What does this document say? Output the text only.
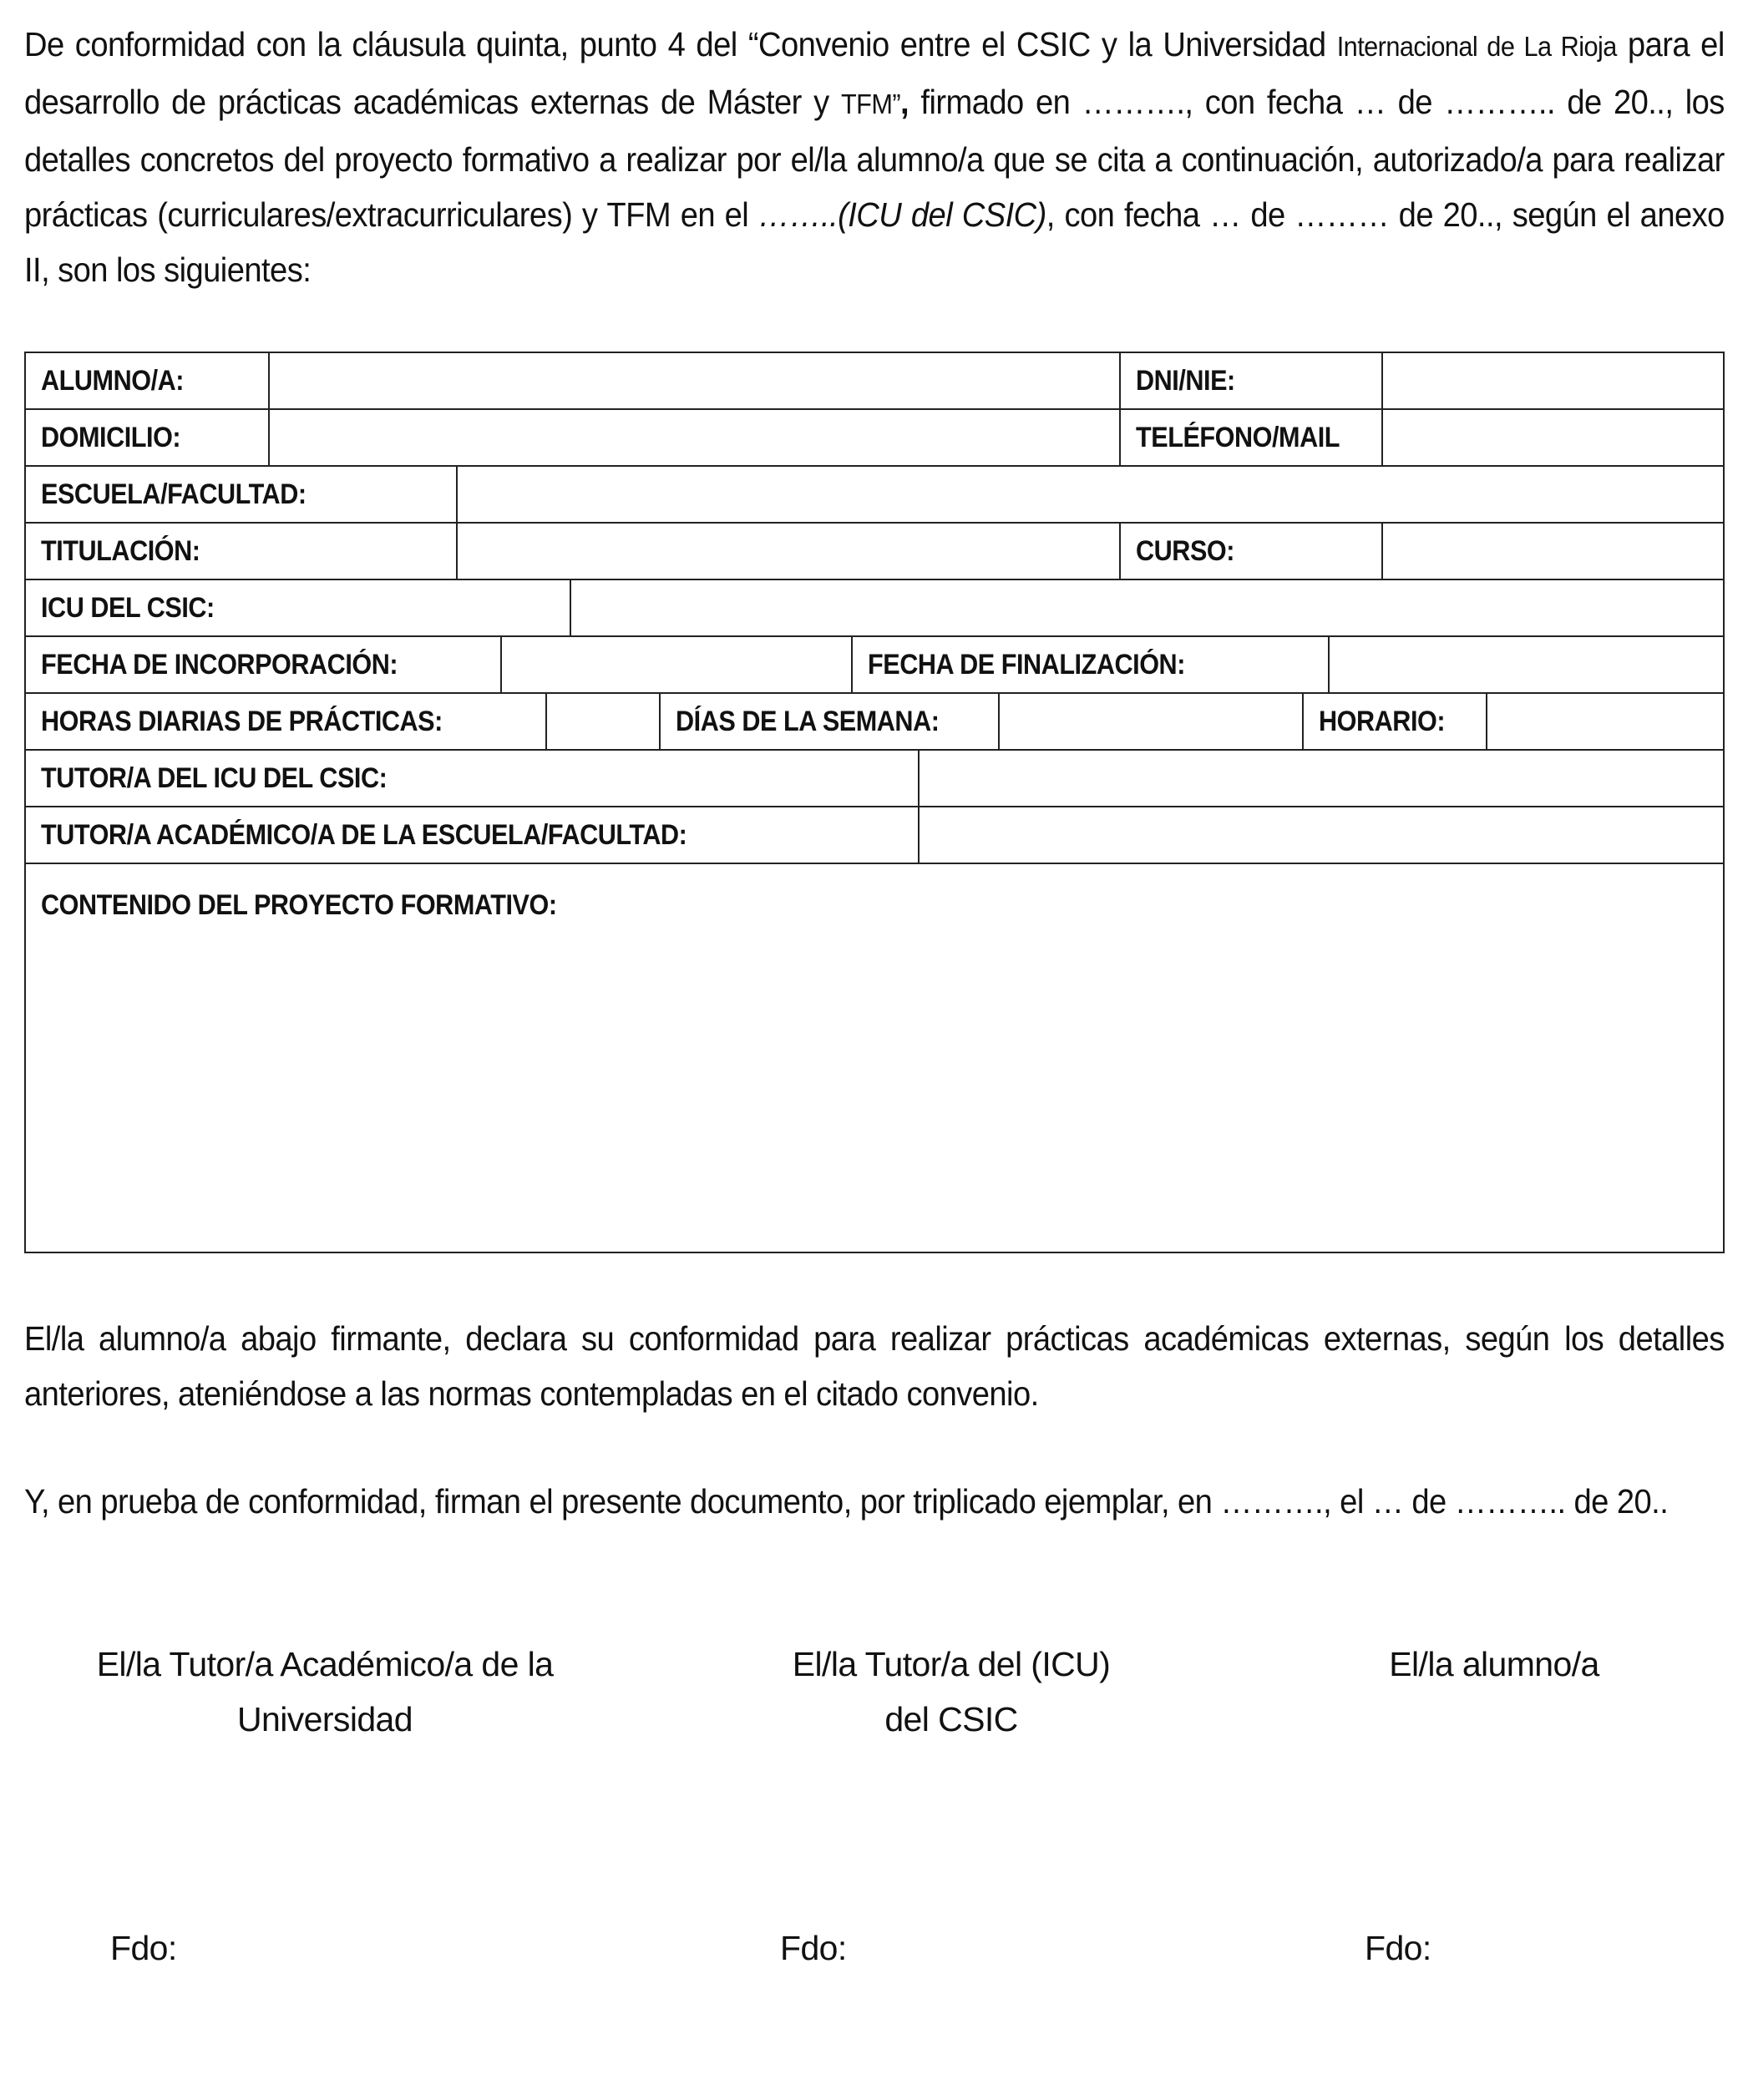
De conformidad con la cláusula quinta, punto 4 del “Convenio entre el CSIC y la Universidad Internacional de La Rioja para el desarrollo de prácticas académicas externas de Máster y TFM”, firmado en ………., con fecha … de ……….. de 20.., los detalles concretos del proyecto formativo a realizar por el/la alumno/a que se cita a continuación, autorizado/a para realizar prácticas (curriculares/extracurriculares) y TFM en el ……..(ICU del CSIC), con fecha … de ……… de 20.., según el anexo II, son los siguientes:

ALUMNO/A:	DNI/NIE:
DOMICILIO:	TELÉFONO/MAIL
ESCUELA/FACULTAD:
TITULACIÓN:	CURSO:
ICU DEL CSIC:
FECHA DE INCORPORACIÓN:	FECHA DE FINALIZACIÓN:
HORAS DIARIAS DE PRÁCTICAS:	DÍAS DE LA SEMANA:	HORARIO:
TUTOR/A DEL ICU DEL CSIC:
TUTOR/A ACADÉMICO/A DE LA ESCUELA/FACULTAD:
CONTENIDO DEL PROYECTO FORMATIVO:

El/la alumno/a abajo firmante, declara su conformidad para realizar prácticas académicas externas, según los detalles anteriores, ateniéndose a las normas contempladas en el citado convenio.

Y, en prueba de conformidad, firman el presente documento, por triplicado ejemplar, en ………., el … de ……….. de 20..

El/la Tutor/a Académico/a de la
Universidad
El/la Tutor/a del (ICU)
del CSIC
El/la alumno/a
Fdo:	Fdo:	Fdo:
